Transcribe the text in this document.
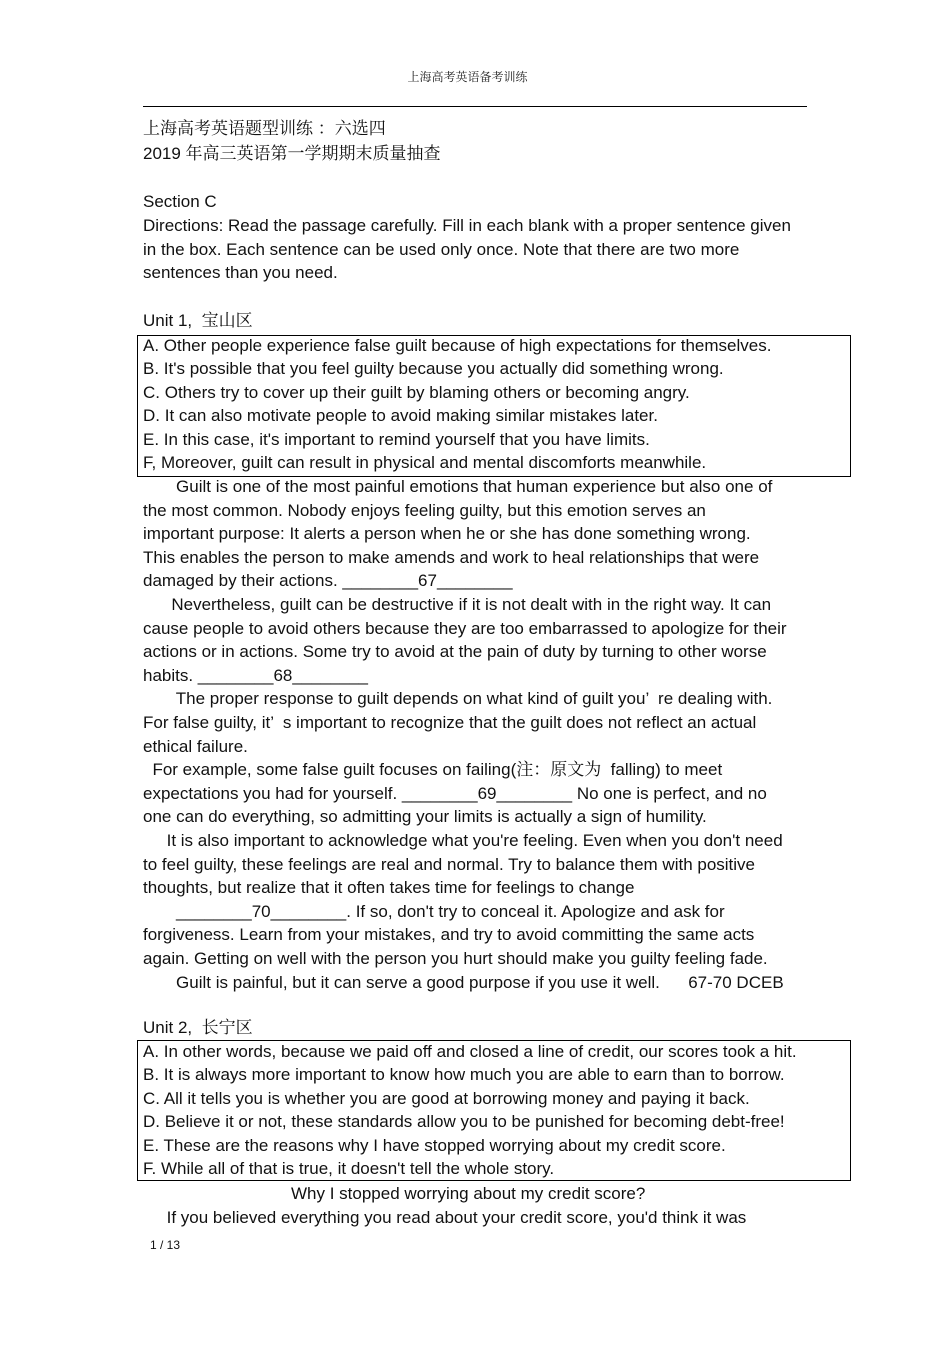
上海高考英语备考训练
上海高考英语题型训练 ：六选四
2019 年高三英语第一学期期末质量抽查
Section C
Directions: Read the passage carefully. Fill in each blank with a proper sentence given
in the box. Each sentence can be used only once. Note that there are two more
sentences than you need.
Unit 1,  宝山区
A. Other people experience false guilt because of high expectations for themselves.
B. It's possible that you feel guilty because you actually did something wrong.
C. Others try to cover up their guilt by blaming others or becoming angry.
D. It can also motivate people to avoid making similar mistakes later.
E. In this case, it's important to remind yourself that you have limits.
F, Moreover, guilt can result in physical and mental discomforts meanwhile.
Guilt is one of the most painful emotions that human experience but also one of
the most common. Nobody enjoys feeling guilty, but this emotion serves an
important purpose: It alerts a person when he or she has done something wrong.
This enables the person to make amends and work to heal relationships that were
damaged by their actions. ________67________
Nevertheless, guilt can be destructive if it is not dealt with in the right way. It can
cause people to avoid others because they are too embarrassed to apologize for their
actions or in actions. Some try to avoid at the pain of duty by turning to other worse
habits. ________68________
The proper response to guilt depends on what kind of guilt you’  re dealing with.
For false guilty, it’  s important to recognize that the guilt does not reflect an actual
ethical failure.
For example, some false guilt focuses on failing(注：原文为  falling) to meet
expectations you had for yourself. ________69________ No one is perfect, and no
one can do everything, so admitting your limits is actually a sign of humility.
It is also important to acknowledge what you're feeling. Even when you don't need
to feel guilty, these feelings are real and normal. Try to balance them with positive
thoughts, but realize that it often takes time for feelings to change
________70________. If so, don't try to conceal it. Apologize and ask for
forgiveness. Learn from your mistakes, and try to avoid committing the same acts
again. Getting on well with the person you hurt should make you guilty feeling fade.
Guilt is painful, but it can serve a good purpose if you use it well.      67-70 DCEB
Unit 2,  长宁区
A. In other words, because we paid off and closed a line of credit, our scores took a hit.
B. It is always more important to know how much you are able to earn than to borrow.
C. All it tells you is whether you are good at borrowing money and paying it back.
D. Believe it or not, these standards allow you to be punished for becoming debt-free!
E. These are the reasons why I have stopped worrying about my credit score.
F. While all of that is true, it doesn't tell the whole story.
Why I stopped worrying about my credit score?
If you believed everything you read about your credit score, you'd think it was
1 / 13
